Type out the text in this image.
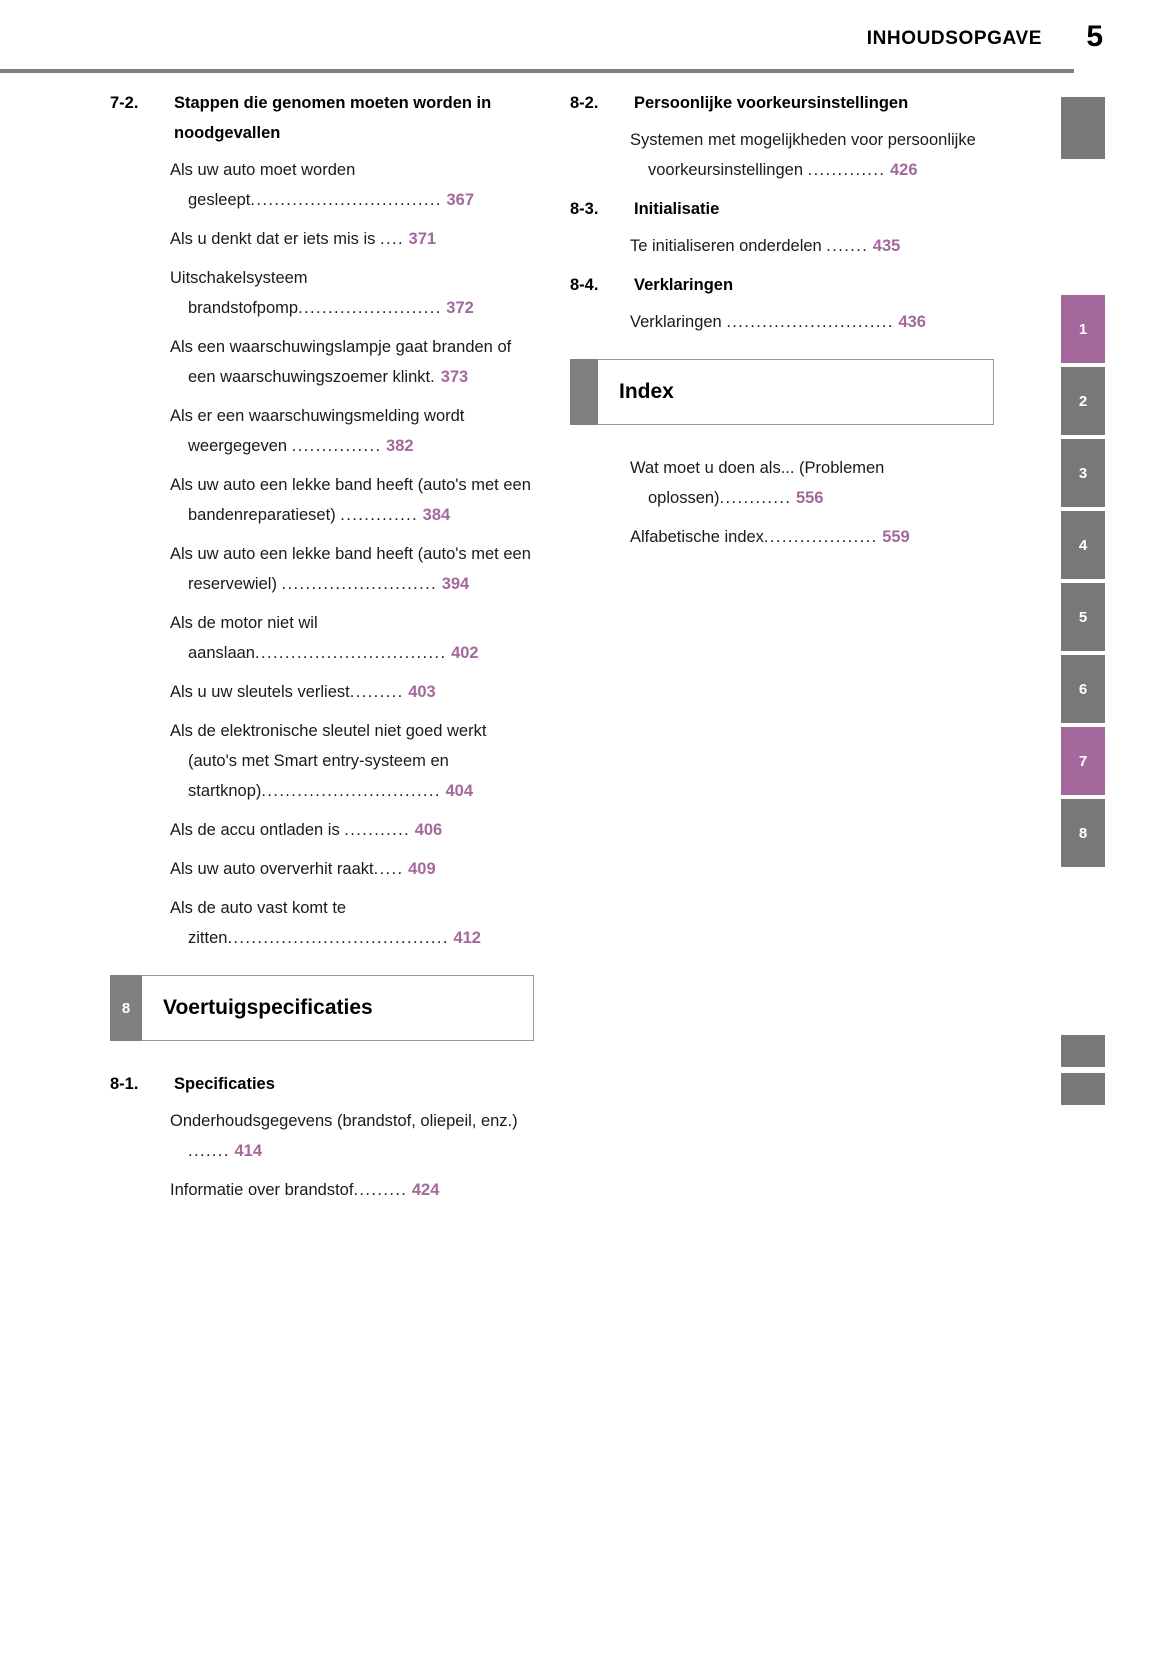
INHOUDSOPGAVE 5
7-2.	Stappen die genomen moeten worden in noodgevallen
Als uw auto moet worden gesleept................................ 367
Als u denkt dat er iets mis is .... 371
Uitschakelsysteem brandstofpomp........................ 372
Als een waarschuwingslampje gaat branden of een waarschuwingszoemer klinkt. 373
Als er een waarschuwingsmelding wordt weergegeven ............... 382
Als uw auto een lekke band heeft (auto's met een bandenreparatieset) ............. 384
Als uw auto een lekke band heeft (auto's met een reservewiel) .......................... 394
Als de motor niet wil aanslaan................................ 402
Als u uw sleutels verliest......... 403
Als de elektronische sleutel niet goed werkt (auto's met Smart entry-systeem en startknop).............................. 404
Als de accu ontladen is ........... 406
Als uw auto oververhit raakt..... 409
Als de auto vast komt te zitten..................................... 412
8	Voertuigspecificaties
8-1.	Specificaties
Onderhoudsgegevens (brandstof, oliepeil, enz.) ....... 414
Informatie over brandstof......... 424
8-2.	Persoonlijke voorkeursinstellingen
Systemen met mogelijkheden voor persoonlijke voorkeursinstellingen ............. 426
8-3.	Initialisatie
Te initialiseren onderdelen ....... 435
8-4.	Verklaringen
Verklaringen ............................ 436
Index
Wat moet u doen als... (Problemen oplossen)............ 556
Alfabetische index................... 559
1
2
3
4
5
6
7
8
